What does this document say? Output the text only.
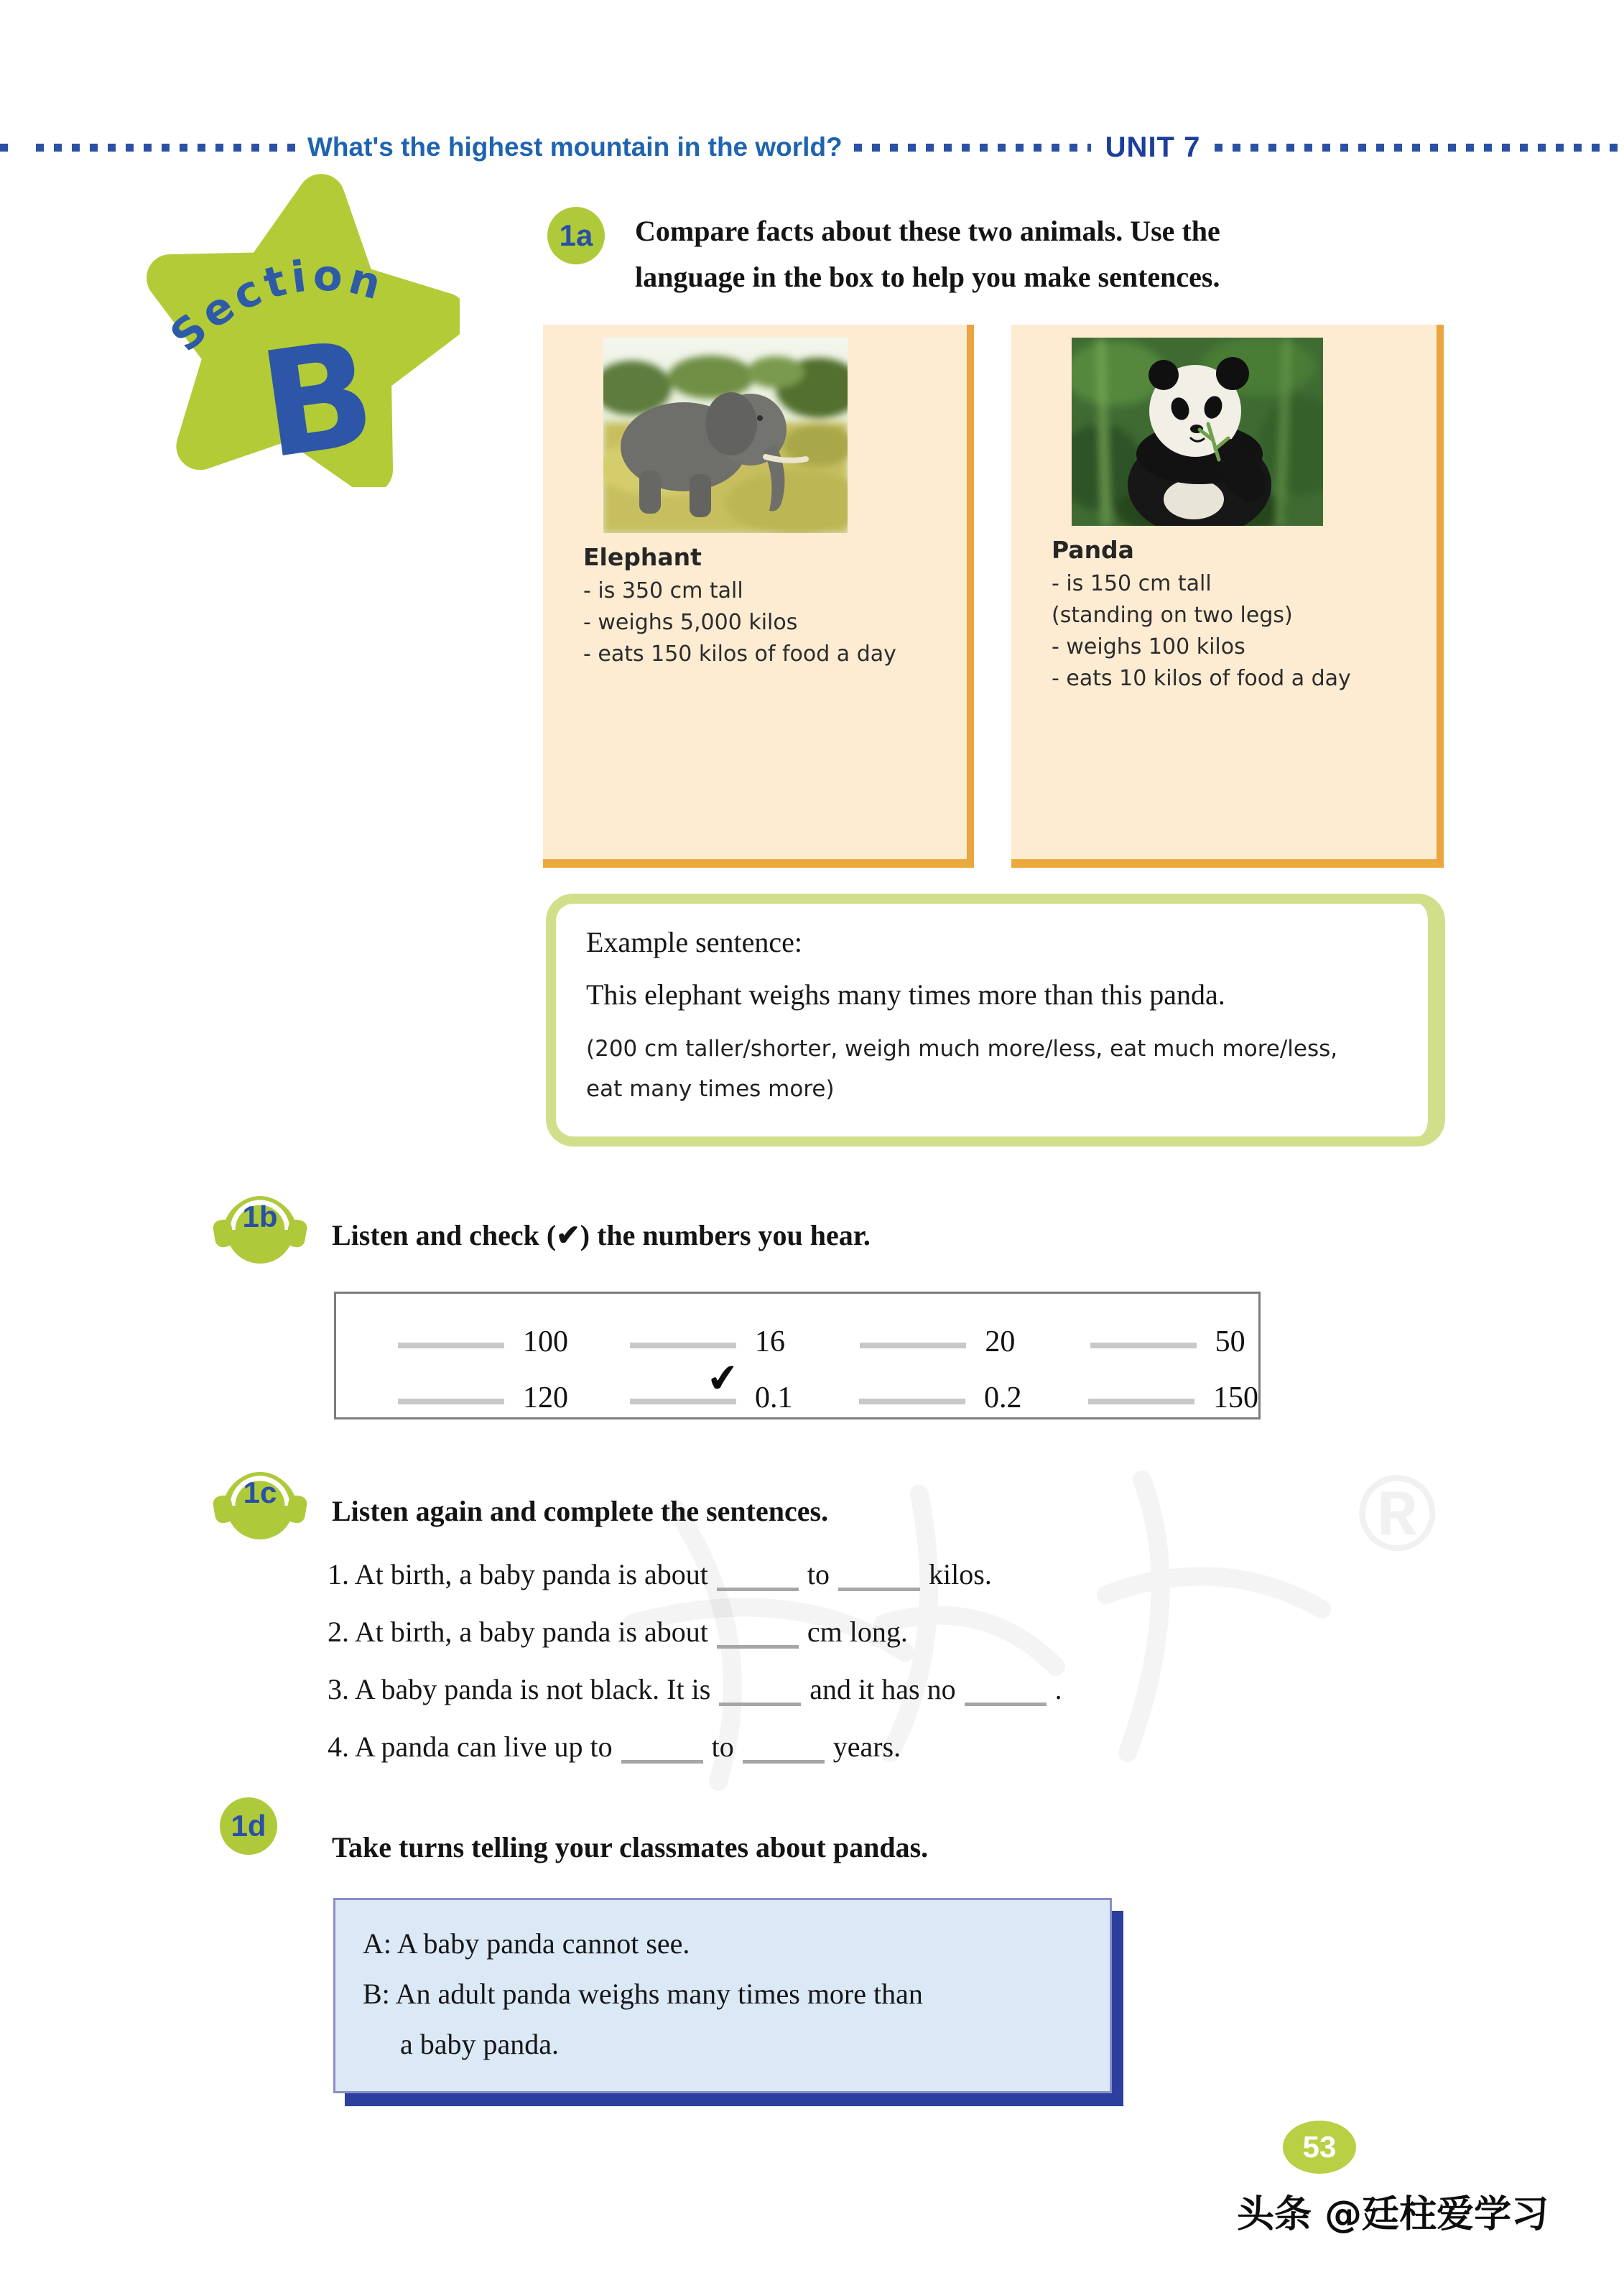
What's the highest mountain in the world?	UNIT 7
Section
B
1a Compare facts about these two animals. Use the
language in the box to help you make sentences.
Elephant
- is 350 cm tall
- weighs 5,000 kilos
- eats 150 kilos of food a day
Panda
- is 150 cm tall
(standing on two legs)
- weighs 100 kilos
- eats 10 kilos of food a day
Example sentence:
This elephant weighs many times more than this panda.
(200 cm taller/shorter, weigh much more/less, eat much more/less,
eat many times more)
1b
Listen and check (✔) the numbers you hear.
100	16	20	50
120	✔ 0.1	0.2	150
®
1c
Listen again and complete the sentences.
1. At birth, a baby panda is about	to	kilos.
2. At birth, a baby panda is about	cm long.
3. A baby panda is not black. It is	and it has no	.
4. A panda can live up to	to	years.
1d
Take turns telling your classmates about pandas.
A: A baby panda cannot see.
B: An adult panda weighs many times more than
a baby panda.
53
头条 @廷柱爱学习
